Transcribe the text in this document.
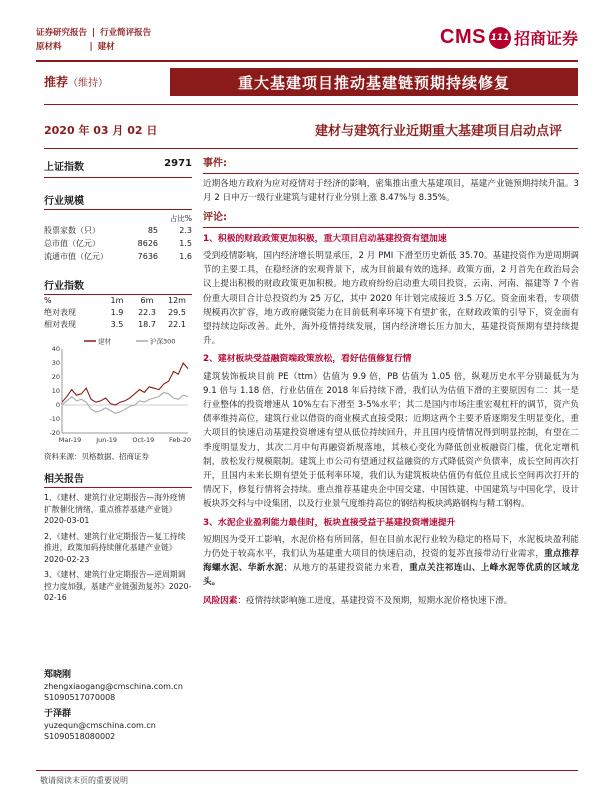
证券研究报告 | 行业简评报告
原材料	| 建材	CMS 111 招商证券
推荐（维持）	重大基建项目推动基建链预期持续修复
2020 年 03 月 02 日	建材与建筑行业近期重大基建项目启动点评
上证指数	2971
行业规模
占比%
股票家数（只）	85	2.3
总市值（亿元）	8626	1.5
流通市值（亿元）	7636	1.6
行业指数
%	1m	6m	12m
绝对表现	1.9	22.3	29.5
相对表现	3.5	18.7	22.1
建材	沪深300
40
30
20
10
0
-10
-20
Mar-19 Jun-19 Oct-19 Feb-20
资料来源：贝格数据、招商证券
相关报告
1、《建材、建筑行业定期报告—海外疫情扩散催化情绪，重点推荐基建产业链》2020-03-01
2、《建材、建筑行业定期报告—复工持续推进，政策加码持续催化基建产业链》2020-02-23
3、《建材、建筑行业定期报告—逆周期调控力度加强，基建产业链强劲复苏》2020-02-16
郑晓刚
zhengxiaogang@cmschina.com.cn
S1090517070008
于泽群
yuzequn@cmschina.com.cn
S1090518080002
事件:
近期各地方政府为应对疫情对于经济的影响，密集推出重大基建项目，基建产业链预期持续升温。3 月 2 日申万一级行业建筑与建材行业分别上涨 8.47%与 8.35%。
评论:
1、积极的财政政策更加积极，重大项目启动基建投资有望加速
受到疫情影响，国内经济增长明显承压，2 月 PMI 下滑至历史新低 35.70。基建投资作为逆周期调节的主要工具，在稳经济的宏观背景下，成为目前最有效的选择。政策方面，2 月首先在政治局会议上提出积极的财政政策更加积极。地方政府纷纷启动重大项目投资，云南、河南、福建等 7 个省份重大项目合计总投资约为 25 万亿，其中 2020 年计划完成接近 3.5 万亿。资金面来看，专项债规模再次扩容，地方政府融资能力在目前低利率环境下有望扩张，在财政政策的引导下，资金面有望持续边际改善。此外，海外疫情持续发展，国内经济增长压力加大，基建投资预期有望持续提升。
2、建材板块受益融资端政策放松，看好估值修复行情
建筑装饰板块目前 PE（ttm）估值为 9.9 倍，PB 估值为 1.05 倍，纵观历史水平分别最低为为 9.1 倍与 1.18 倍，行业估值在 2018 年后持续下滑，我们认为估值下滑的主要原因有二：其一是行业整体的投资增速从 10%左右下滑至 3-5%水平；其二是国内市场注重宏观杠杆的调节，资产负债率维持高位，建筑行业以借资的商业模式直接受限；近期这两个主要矛盾逐期发生明显变化，重大项目的快速启动基建投资增速有望从低位持续回升，并且国内疫情情况得到明显控制，有望在二季度明显发力，其次二月中旬再融资新规落地，其核心变化为降低创业板融资门槛，优化定增机制，放松发行规模限制。建筑上市公司有望通过权益融资的方式降低资产负债率，成长空间再次打开，且国内未来长期有望处于低利率环境，我们认为建筑板块估值仍有低位且成长空间再次打开的情况下，修复行情将会持续。重点推荐基建央企中国交建、中国铁建、中国建筑与中国化学，设计板块苏交科与中设集团，以及行业景气度维持高位的钢结构板块鸿路钢构与精工钢构。
3、水泥企业盈利能力最佳时，板块直接受益于基建投资增速提升
短期因为受开工影响，水泥价格有所回落，但在目前水泥行业较为稳定的格局下，水泥板块盈利能力仍处于较高水平，我们认为基建重大项目的快速启动，投资的复苏直接带动行业需求，重点推荐海螺水泥、华新水泥；从地方的基建投资能力来看，重点关注祁连山、上峰水泥等优质的区域龙头。
风险因素：疫情持续影响施工进度，基建投资不及预期，短期水泥价格快速下滑。
敬请阅读末页的重要说明
